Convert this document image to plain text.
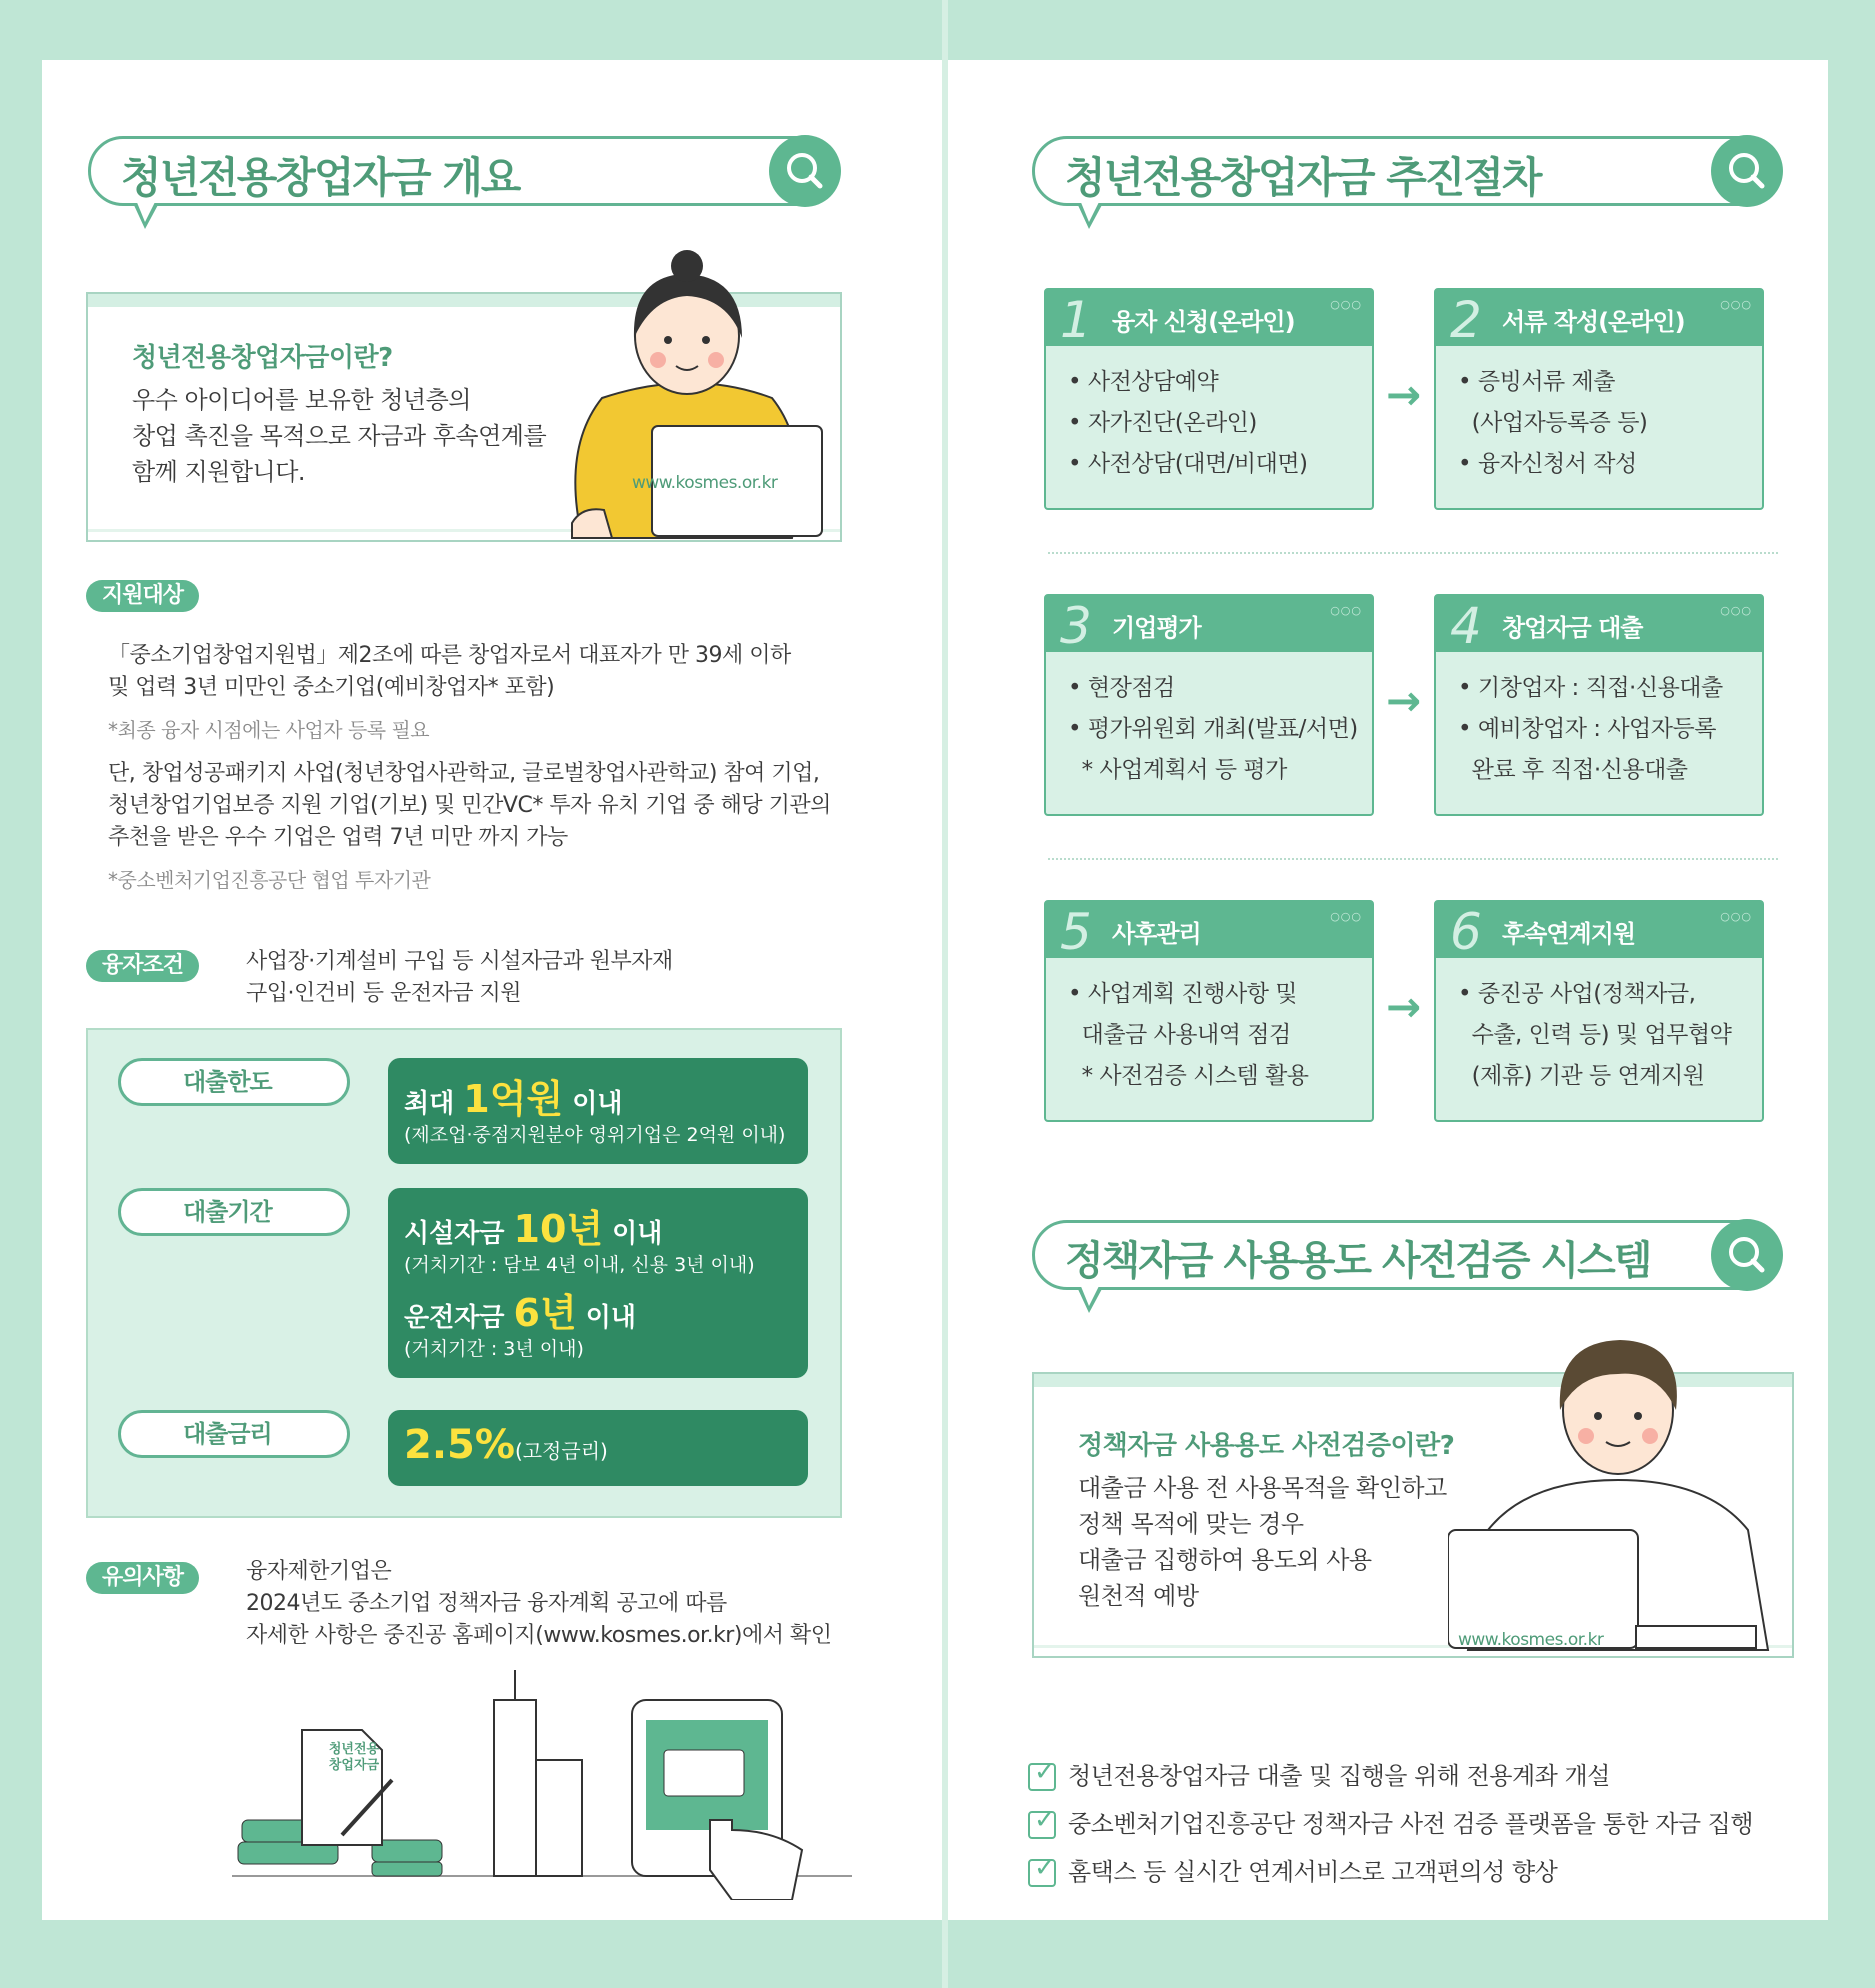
청년전용창업자금 개요
청년전용창업자금이란?
우수 아이디어를 보유한 청년층의
창업 촉진을 목적으로 자금과 후속연계를
함께 지원합니다.	www.kosmes.or.kr
지원대상
「중소기업창업지원법」제2조에 따른 창업자로서 대표자가 만 39세 이하
및 업력 3년 미만인 중소기업(예비창업자* 포함)
*최종 융자 시점에는 사업자 등록 필요
단, 창업성공패키지 사업(청년창업사관학교, 글로벌창업사관학교) 참여 기업,
청년창업기업보증 지원 기업(기보) 및 민간VC* 투자 유치 기업 중 해당 기관의
추천을 받은 우수 기업은 업력 7년 미만 까지 가능
*중소벤처기업진흥공단 협업 투자기관
융자조건	사업장·기계설비 구입 등 시설자금과 원부자재
구입·인건비 등 운전자금 지원
대출한도
최대 1억원 이내
(제조업·중점지원분야 영위기업은 2억원 이내)
대출기간
시설자금 10년 이내
(거치기간 : 담보 4년 이내, 신용 3년 이내)
운전자금 6년 이내
(거치기간 : 3년 이내)
대출금리	2.5%(고정금리)
유의사항	융자제한기업은
2024년도 중소기업 정책자금 융자계획 공고에 따름
자세한 사항은 중진공 홈페이지(www.kosmes.or.kr)에서 확인
청년전용
창업자금
청년전용창업자금 추진절차
1 융자 신청(온라인)
○○○
• 사전상담예약
• 자가진단(온라인)
• 사전상담(대면/비대면)
2 서류 작성(온라인)
○○○
• 증빙서류 제출
(사업자등록증 등)
• 융자신청서 작성
3 기업평가
○○○
• 현장점검
• 평가위원회 개최(발표/서면)
* 사업계획서 등 평가
4 창업자금 대출
○○○
• 기창업자 : 직접·신용대출
• 예비창업자 : 사업자등록
완료 후 직접·신용대출
5 사후관리
○○○
• 사업계획 진행사항 및
대출금 사용내역 점검
* 사전검증 시스템 활용
6 후속연계지원
○○○
• 중진공 사업(정책자금,
수출, 인력 등) 및 업무협약
(제휴) 기관 등 연계지원
→
→
→
정책자금 사용용도 사전검증 시스템
정책자금 사용용도 사전검증이란?
대출금 사용 전 사용목적을 확인하고
정책 목적에 맞는 경우
대출금 집행하여 용도외 사용
원천적 예방
www.kosmes.or.kr
✓ 청년전용창업자금 대출 및 집행을 위해 전용계좌 개설
✓ 중소벤처기업진흥공단 정책자금 사전 검증 플랫폼을 통한 자금 집행
✓ 홈택스 등 실시간 연계서비스로 고객편의성 향상
